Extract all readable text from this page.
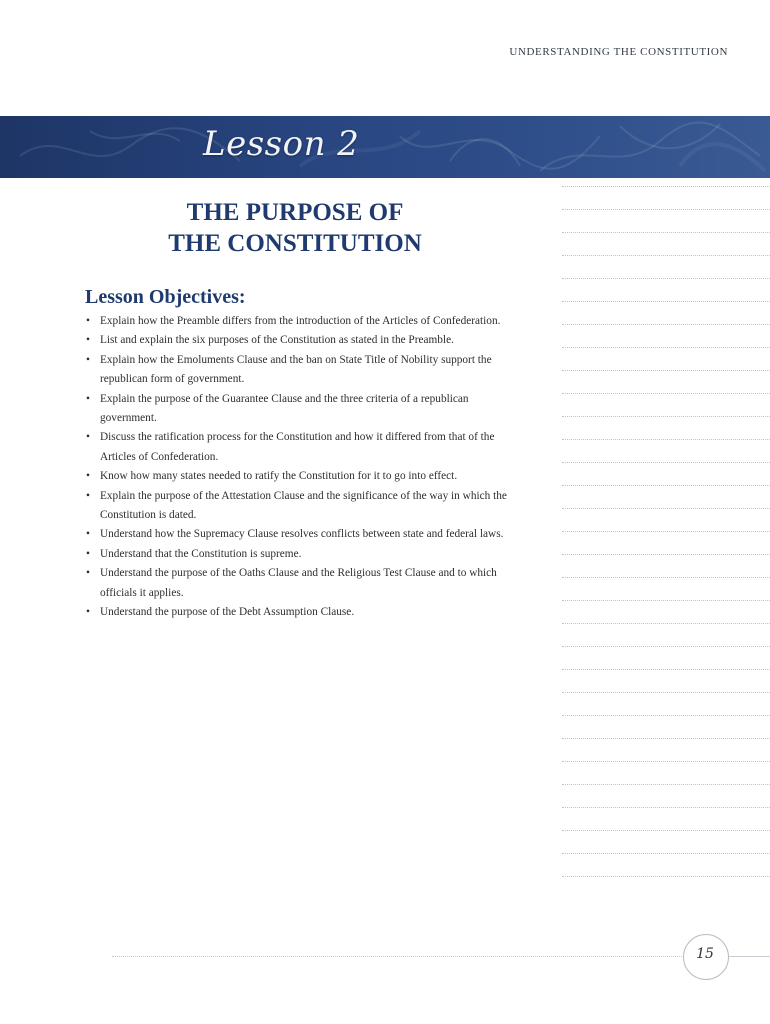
UNDERSTANDING THE CONSTITUTION
Lesson 2
THE PURPOSE OF
THE CONSTITUTION
Lesson Objectives:
• Explain how the Preamble differs from the introduction of the Articles of Confederation.
• List and explain the six purposes of the Constitution as stated in the Preamble.
• Explain how the Emoluments Clause and the ban on State Title of Nobility support the republican form of government.
• Explain the purpose of the Guarantee Clause and the three criteria of a republican government.
• Discuss the ratification process for the Constitution and how it differed from that of the Articles of Confederation.
• Know how many states needed to ratify the Constitution for it to go into effect.
• Explain the purpose of the Attestation Clause and the significance of the way in which the Constitution is dated.
• Understand how the Supremacy Clause resolves conflicts between state and federal laws.
• Understand that the Constitution is supreme.
• Understand the purpose of the Oaths Clause and the Religious Test Clause and to which officials it applies.
• Understand the purpose of the Debt Assumption Clause.
15
